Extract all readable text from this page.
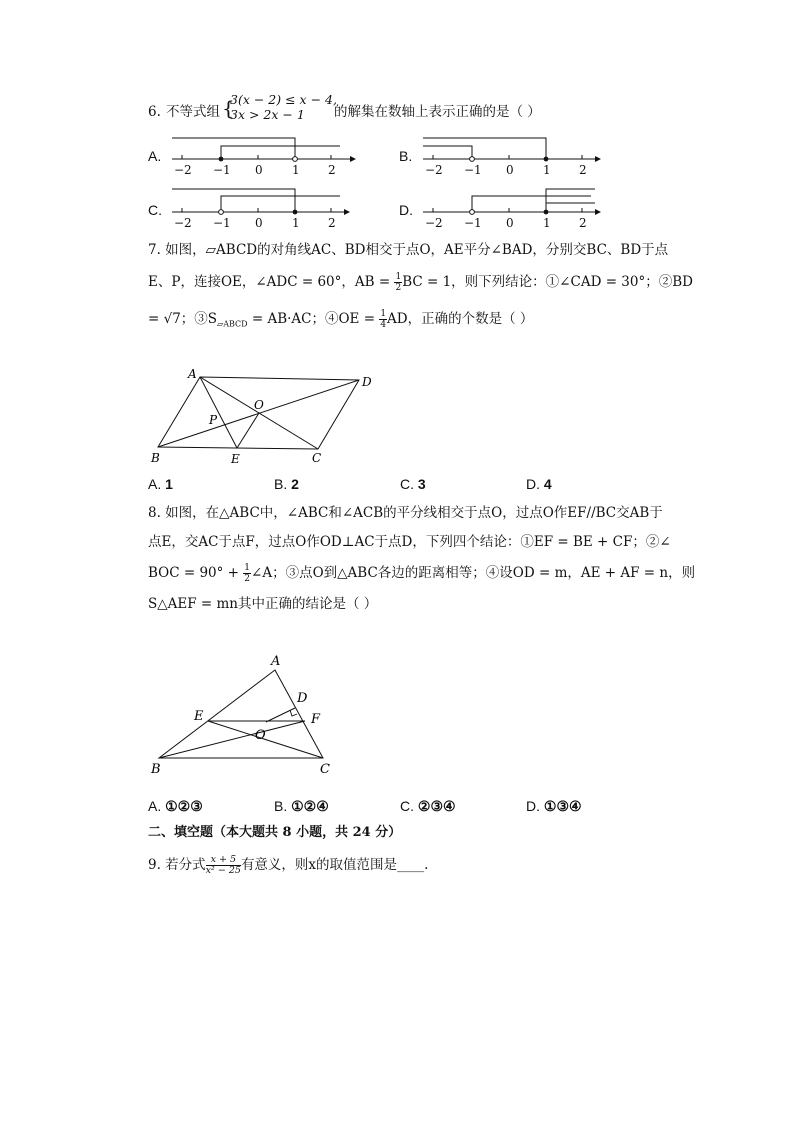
6. 不等式组 {
3(x − 2) ≤ x − 4,
3x > 2x − 1 的解集在数轴上表示正确的是（ ）
A.
−2 −1 0 1 2
B.
−2 −1 0 1 2
C.
−2 −1 0 1 2
D.
−2 −1 0 1 2
7. 如图，▱ABCD的对角线AC、BD相交于点O，AE平分∠BAD，分别交BC、BD于点
E、P，连接OE，∠ADC = 60°，AB = $\frac{1}{2}$ BC = 1，则下列结论：①∠CAD = 30°；②BD
= √7；$③S_{▱ABCD} = AB\cdot AC$；④OE = $\frac{1}{4}$ AD，正确的个数是（ ）
A
D
B	C
O
P
E
A. 1	B. 2	C. 3	D. 4
8. 如图，在△ABC中，∠ABC和∠ACB的平分线相交于点O，过点O作EF//BC交AB于
点E，交AC于点F，过点O作OD⊥AC于点D，下列四个结论：①EF = BE + CF；②∠
BOC = $90^\circ + \frac{1}{2}$ ∠A；③点O到△ABC各边的距离相等；④设OD = m，AE + AF = n，则
S△AEF = mn其中正确的结论是（ ）
A
D
E	F
O
B	C
A. ①②③	B. ①②④	C. ②③④	D. ①③④
二、填空题（本大题共 8 小题，共 24 分）
9. 若分式 $\frac{x + 5}{\text{x² − 25}}$ 有意义，则x的取值范围是____.
